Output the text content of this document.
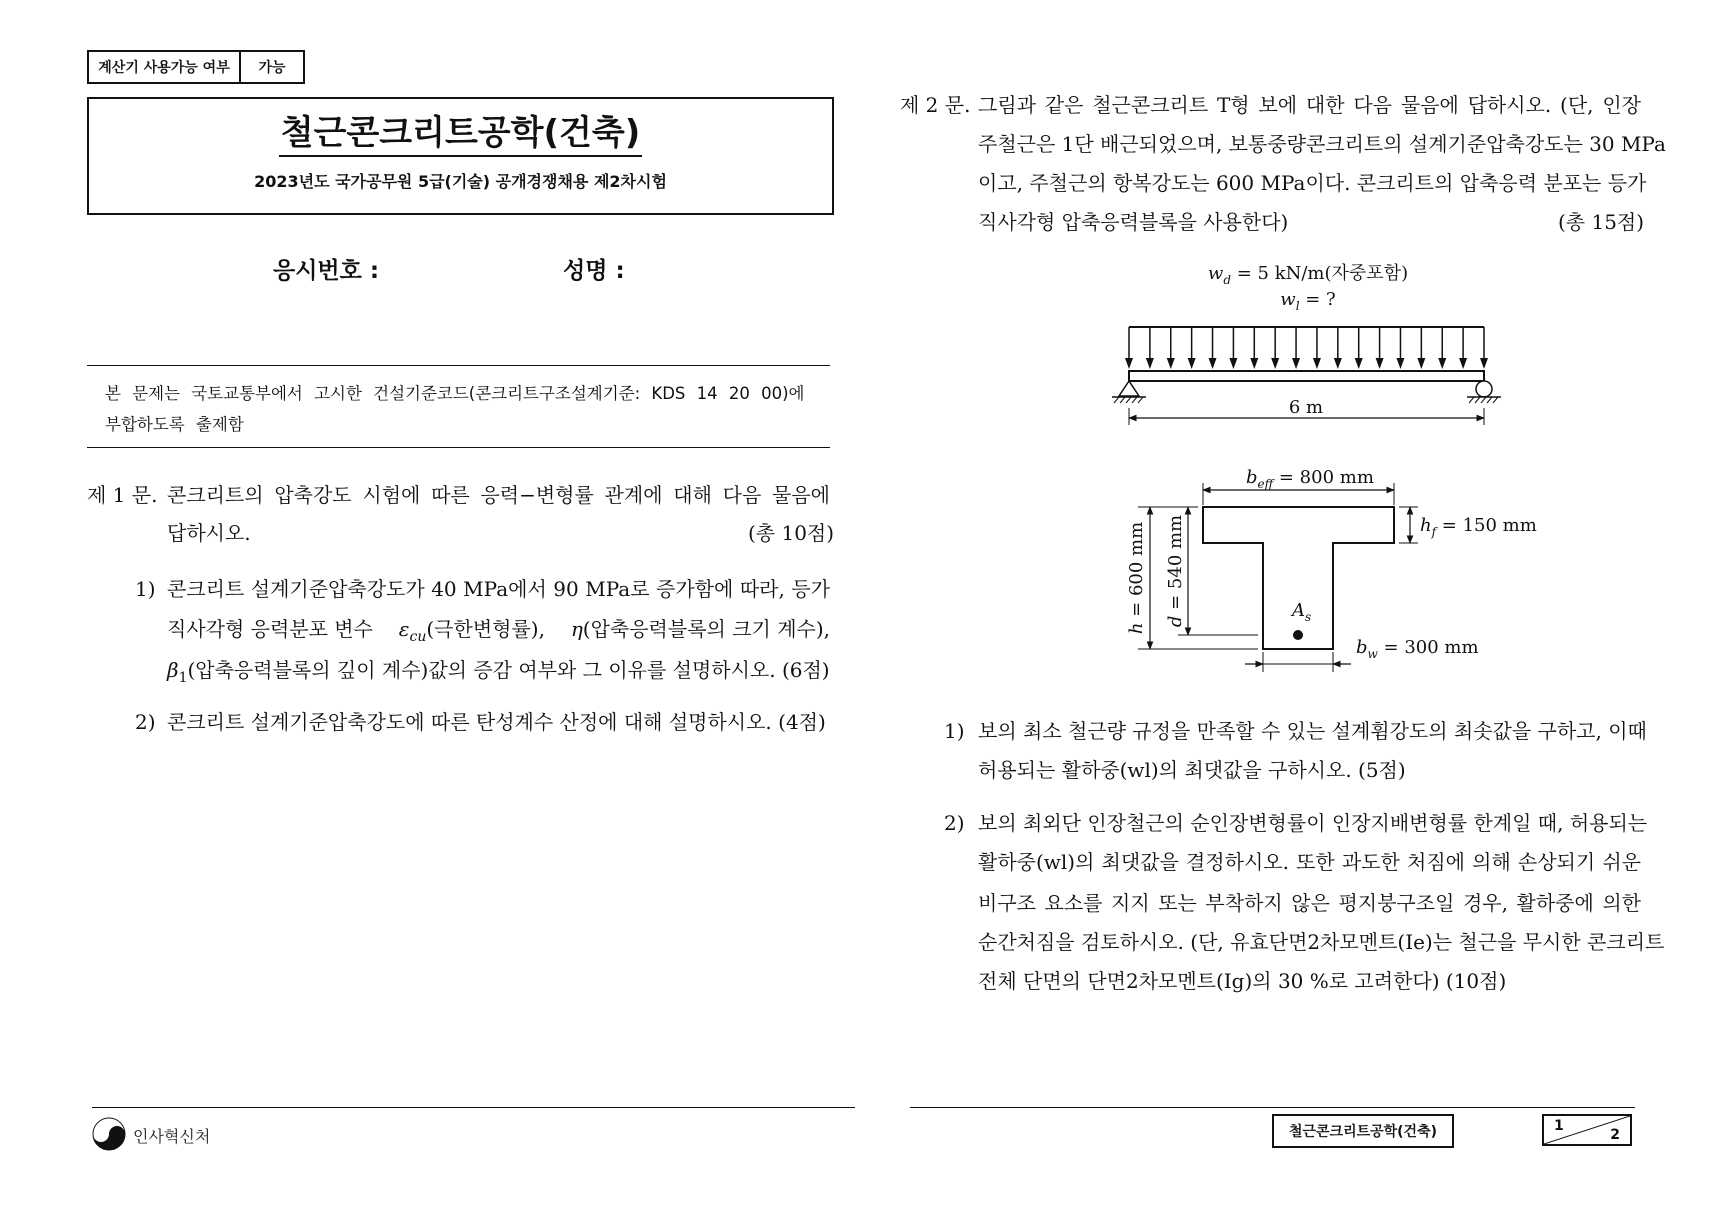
계산기 사용가능 여부	가능
철근콘크리트공학(건축)
2023년도 국가공무원 5급(기술) 공개경쟁채용 제2차시험
응시번호 :	성명 :
본 문제는 국토교통부에서 고시한 건설기준코드(콘크리트구조설계기준: KDS 14 20 00)에
부합하도록 출제함
제 1 문. 콘크리트의 압축강도 시험에 따른 응력−변형률 관계에 대해 다음 물음에
답하시오.	(총 10점)
1) 콘크리트 설계기준압축강도가 40 MPa에서 90 MPa로 증가함에 따라, 등가
직사각형 응력분포 변수 $\varepsilon_{cu}$(극한변형률), η(압축응력블록의 크기 계수),
$\beta_1$(압축응력블록의 깊이 계수)값의 증감 여부와 그 이유를 설명하시오. (6점)
2) 콘크리트 설계기준압축강도에 따른 탄성계수 산정에 대해 설명하시오. (4점)
제 2 문. 그림과 같은 철근콘크리트 T형 보에 대한 다음 물음에 답하시오. (단, 인장
주철근은 1단 배근되었으며, 보통중량콘크리트의 설계기준압축강도는 30 MPa
이고, 주철근의 항복강도는 600 MPa이다. 콘크리트의 압축응력 분포는 등가
직사각형 압축응력블록을 사용한다)	(총 15점)
$w_d = 5$ kN/m(자중포함)
$w_l$ = ?
6 m
$A_s$
$b_{eff} = 800$ mm
$h_f = 150$ mm
h = 600 mm d = 540 mm
$b_w = 300$ mm
1) 보의 최소 철근량 규정을 만족할 수 있는 설계휨강도의 최솟값을 구하고, 이때
허용되는 활하중(wl)의 최댓값을 구하시오. (5점)
2) 보의 최외단 인장철근의 순인장변형률이 인장지배변형률 한계일 때, 허용되는
활하중(wl)의 최댓값을 결정하시오. 또한 과도한 처짐에 의해 손상되기 쉬운
비구조 요소를 지지 또는 부착하지 않은 평지붕구조일 경우, 활하중에 의한
순간처짐을 검토하시오. (단, 유효단면2차모멘트(Ie)는 철근을 무시한 콘크리트
전체 단면의 단면2차모멘트(Ig)의 30 %로 고려한다) (10점)
인사혁신처	철근콘크리트공학(건축)	1
2
